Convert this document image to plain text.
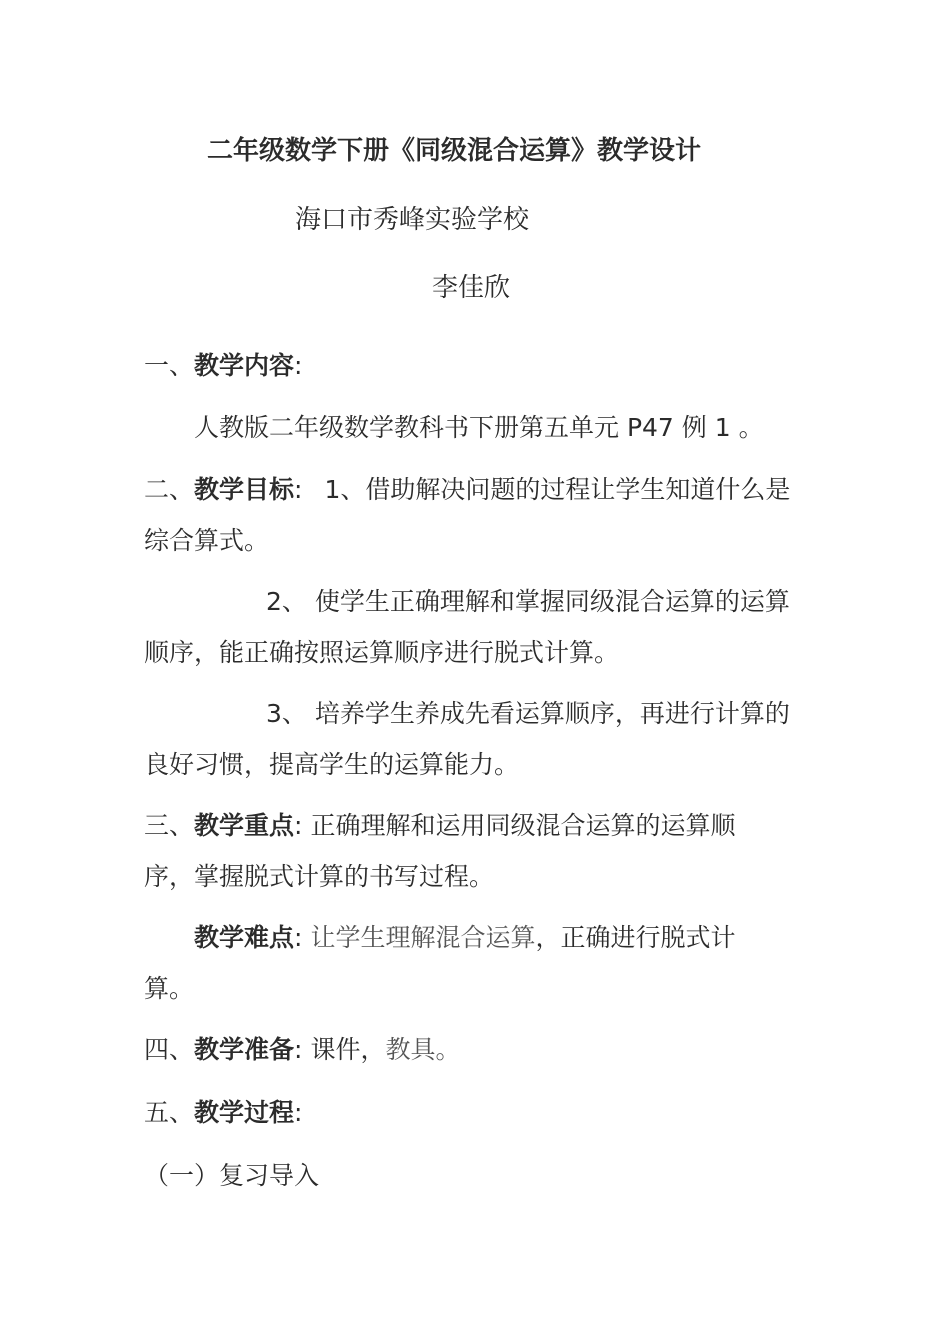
二年级数学下册《同级混合运算》教学设计
海口市秀峰实验学校
李佳欣
一、教学内容:
人教版二年级数学教科书下册第五单元 P47 例 1 。
二、教学目标: 1、借助解决问题的过程让学生知道什么是
综合算式。
2、 使学生正确理解和掌握同级混合运算的运算
顺序，能正确按照运算顺序进行脱式计算。
3、 培养学生养成先看运算顺序，再进行计算的
良好习惯，提高学生的运算能力。
三、教学重点: 正确理解和运用同级混合运算的运算顺
序，掌握脱式计算的书写过程。
教学难点: 让学生理解混合运算，正确进行脱式计
算。
四、教学准备: 课件，教具。
五、教学过程:
（一）复习导入
